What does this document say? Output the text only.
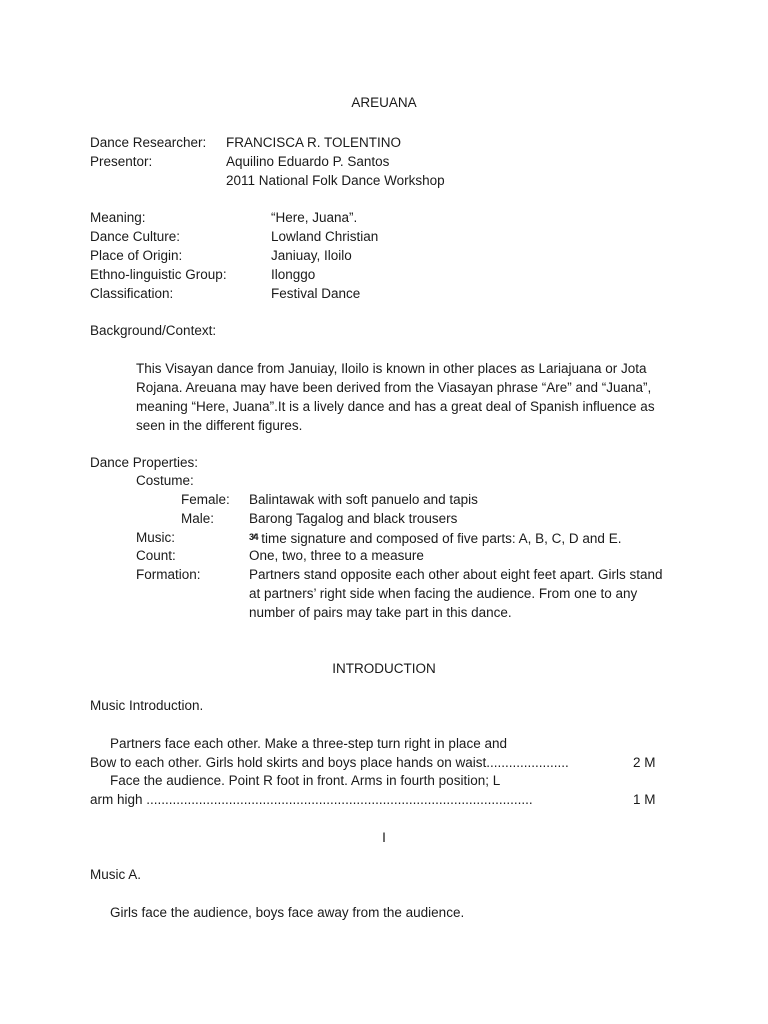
AREUANA
Dance Researcher: FRANCISCA R. TOLENTINO
Presentor:	Aquilino Eduardo P. Santos
2011 National Folk Dance Workshop
Meaning:	“Here, Juana”.
Dance Culture:	Lowland Christian
Place of Origin:	Janiuay, Iloilo
Ethno-linguistic Group:	Ilonggo
Classification:	Festival Dance
Background/Context:
This Visayan dance from Januiay, Iloilo is known in other places as Lariajuana or Jota
Rojana. Areuana may have been derived from the Viasayan phrase “Are” and “Juana”,
meaning “Here, Juana”.It is a lively dance and has a great deal of Spanish influence as
seen in the different figures.
Dance Properties:
Costume:
Female: Balintawak with soft panuelo and tapis
Male:	Barong Tagalog and black trousers
Music:	$^{3⁄4}$ time signature and composed of five parts: A, B, C, D and E.
Count:	One, two, three to a measure
Formation:	Partners stand opposite each other about eight feet apart. Girls stand
at partners’ right side when facing the audience. From one to any
number of pairs may take part in this dance.
INTRODUCTION
Music Introduction.
Partners face each other. Make a three-step turn right in place and
Bow to each other. Girls hold skirts and boys place hands on waist......................	2 M
Face the audience. Point R foot in front. Arms in fourth position; L
arm high .......................................................................................................	1 M
I
Music A.
Girls face the audience, boys face away from the audience.
